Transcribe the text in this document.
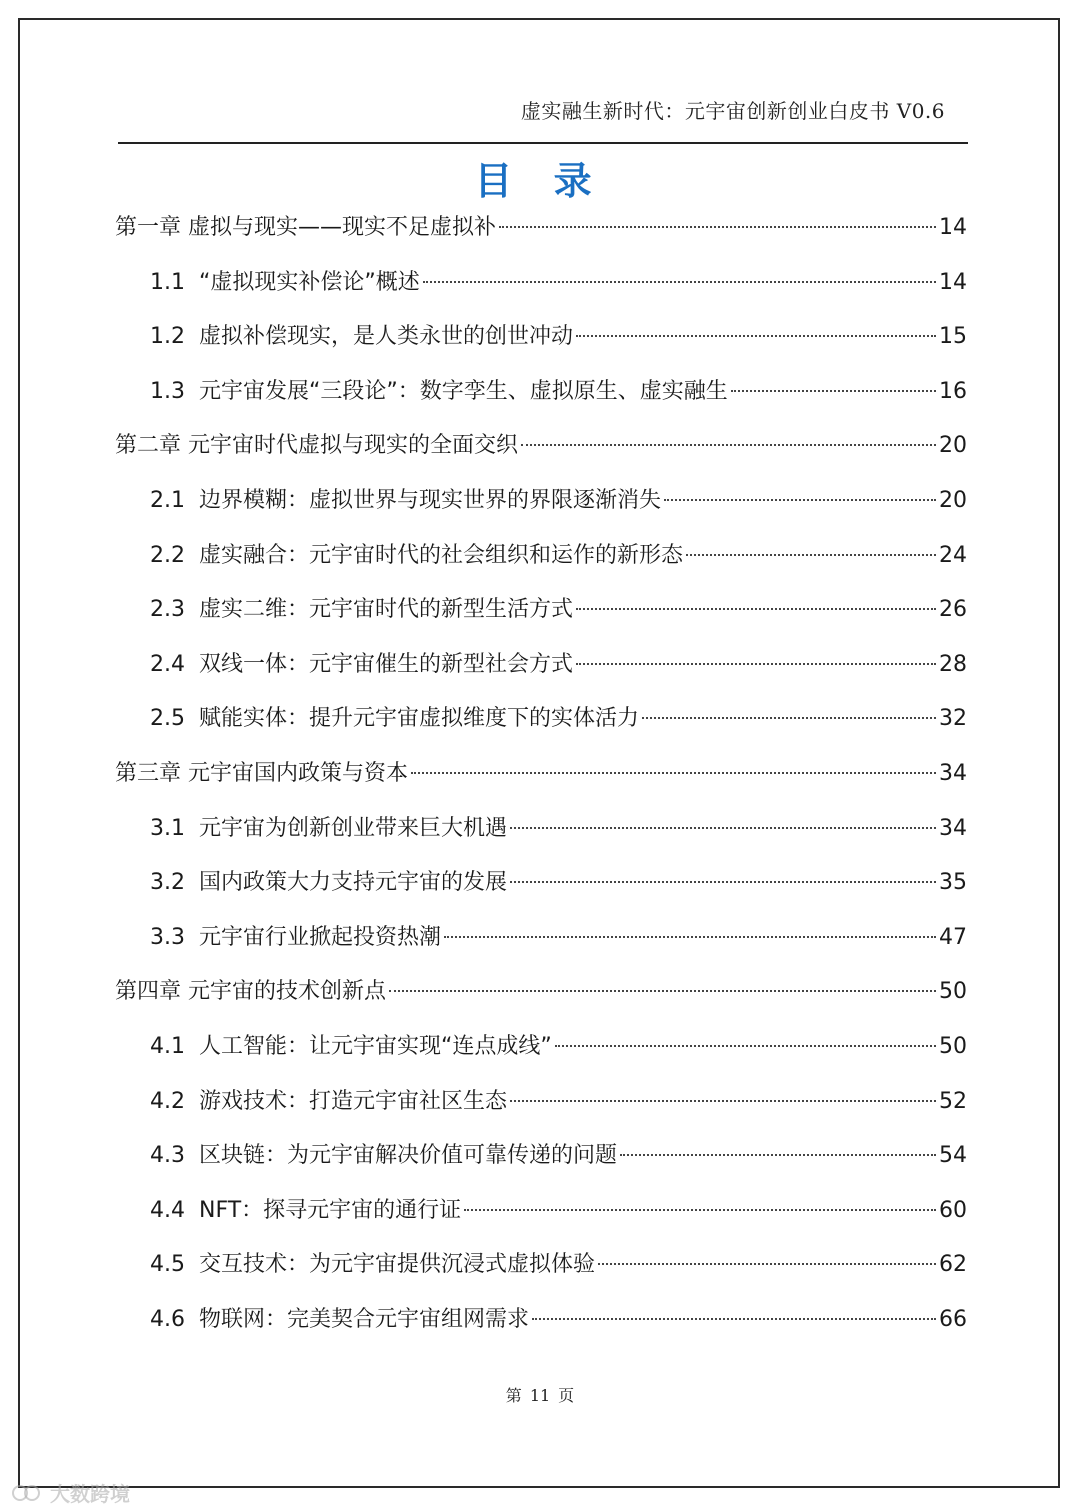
虚实融生新时代：元宇宙创新创业白皮书 V0.6
目 录
第一章 虚拟与现实——现实不足虚拟补	14
1.1 “虚拟现实补偿论”概述	14
1.2 虚拟补偿现实，是人类永世的创世冲动	15
1.3 元宇宙发展“三段论”：数字孪生、虚拟原生、虚实融生	16
第二章 元宇宙时代虚拟与现实的全面交织	20
2.1 边界模糊：虚拟世界与现实世界的界限逐渐消失	20
2.2 虚实融合：元宇宙时代的社会组织和运作的新形态	24
2.3 虚实二维：元宇宙时代的新型生活方式	26
2.4 双线一体：元宇宙催生的新型社会方式	28
2.5 赋能实体：提升元宇宙虚拟维度下的实体活力	32
第三章 元宇宙国内政策与资本	34
3.1 元宇宙为创新创业带来巨大机遇	34
3.2 国内政策大力支持元宇宙的发展	35
3.3 元宇宙行业掀起投资热潮	47
第四章 元宇宙的技术创新点	50
4.1 人工智能：让元宇宙实现“连点成线”	50
4.2 游戏技术：打造元宇宙社区生态	52
4.3 区块链：为元宇宙解决价值可靠传递的问题	54
4.4 NFT：探寻元宇宙的通行证	60
4.5 交互技术：为元宇宙提供沉浸式虚拟体验	62
4.6 物联网：完美契合元宇宙组网需求	66
第 11 页
大数跨境
